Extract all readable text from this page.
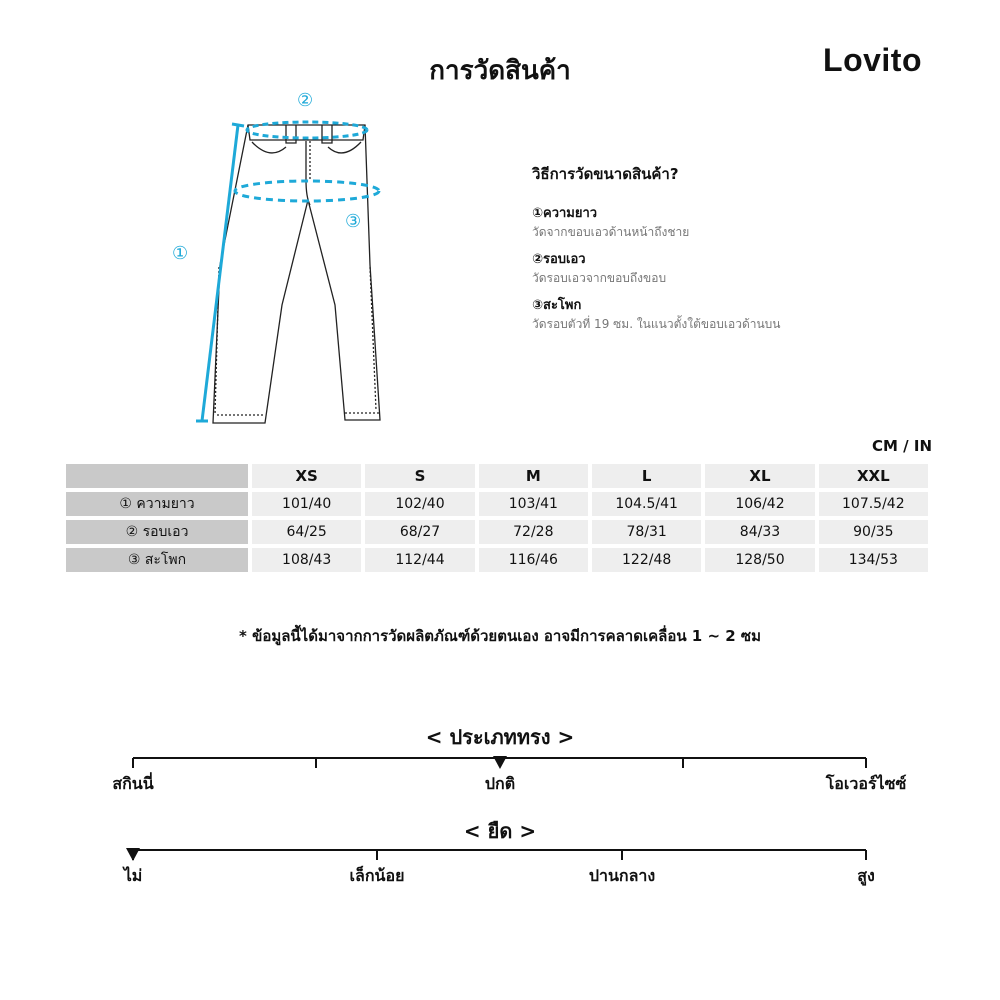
การวัดสินค้า	Lovito
①
②
③
วิธีการวัดขนาดสินค้า?
①ความยาว
วัดจากขอบเอวด้านหน้าถึงชาย
②รอบเอว
วัดรอบเอวจากขอบถึงขอบ
③สะโพก
วัดรอบตัวที่ 19 ซม. ในแนวตั้งใต้ขอบเอวด้านบน
CM / IN
	XS	S	M	L	XL	XXL
① ความยาว	101/40	102/40	103/41	104.5/41	106/42	107.5/42
② รอบเอว	64/25	68/27	72/28	78/31	84/33	90/35
③ สะโพก	108/43	112/44	116/46	122/48	128/50	134/53
* ข้อมูลนี้ได้มาจากการวัดผลิตภัณฑ์ด้วยตนเอง อาจมีการคลาดเคลื่อน 1 ~ 2 ซม
< ประเภททรง >
สกินนี่	ปกติ	โอเวอร์ไซซ์
< ยืด >
ไม่	เล็กน้อย	ปานกลาง	สูง
